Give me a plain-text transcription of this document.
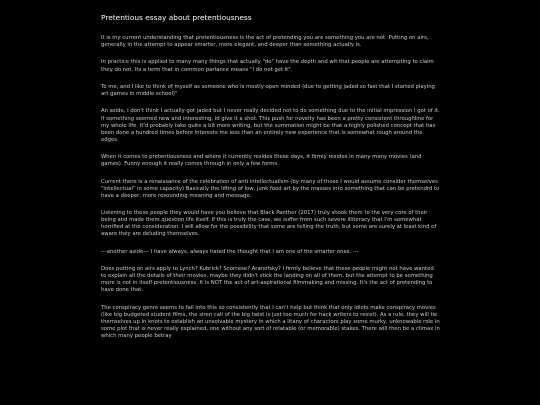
Pretentious essay about pretentiousness

It is my current understanding that pretentiousness is the act of pretending you are something you are not. Putting on airs, generally in the attempt to appear smarter, more elegant, and deeper than something actually is.

In practice this is applied to many many things that actually "do" have the depth and wit that people are attempting to claim they do not. Its a term that in common parlance means "I do not get it".

To me, and I like to think of myself as someone who is mostly open minded (due to getting jaded so fast that I started playing art games in middle school)"

An aside, I don't think I actually got jaded but I never really decided not to do something due to the initial impression I got of it. If something seemed new and interesting, id give it a shot. This push for novelty has been a pretty consistent throughline for my whole life. It'd probably take quite a bit more writing, but the summation might be that a highly polished concept that has been done a hundred times before interests me less than an entirely new experience that is somewhat rough around the edges.

When it comes to pretentiousness and where it currently resides these days, it firmly resides in many many movies (and games). Funny enough it really comes through in only a few forms.

Current there is a renaissance of the celebration of anti intellectualism (by many of those I would assume consider themselves "intellectual" in some capacity) Basically the lifting of low, junk food art by the masses into something that can be pretendrd to have a deeper, more resounding meaning and message.

Listening to these people they would have you believe that Black Panther (2017) truly shook them to the very core of their being and made them question life itself. If this is truly the case, we suffer from such severe illiteracy that I'm somewhat horrified at the consideration. I will allow for the possibility that some are telling the truth, but some are surely at least kind of aware they are deluding themselves.

---another aside--- I have always, always hated the thought that I am one of the smarter ones. ---

Does putting on airs apply to Lynch? Kubrick? Scorcese? Aranofsky? I firmly believe that these people might not have wanted to explain all the details of their movies, maybe they didn't stick the landing on all of them, but the attempt to be something more is not in itself pretentiousness. It is NOT the act of art-aspirational filmmaking and missing. It's the act of pretending to have done that.

The conspiracy genre seems to fall into this so consistently that I can't help but think that only idiots make conspiracy movies (like big budgeted student films, the siren call of the big twist is just too much for hack writers to resist). As a rule, they will tie themselves up in knots to establish an unsolvable mystery in which a litany of charactors play some murky, unknowable role in some plot that is never really explained, one without any sort of relatable (or memorable) stakes. There will then be a climax in which many people betray
